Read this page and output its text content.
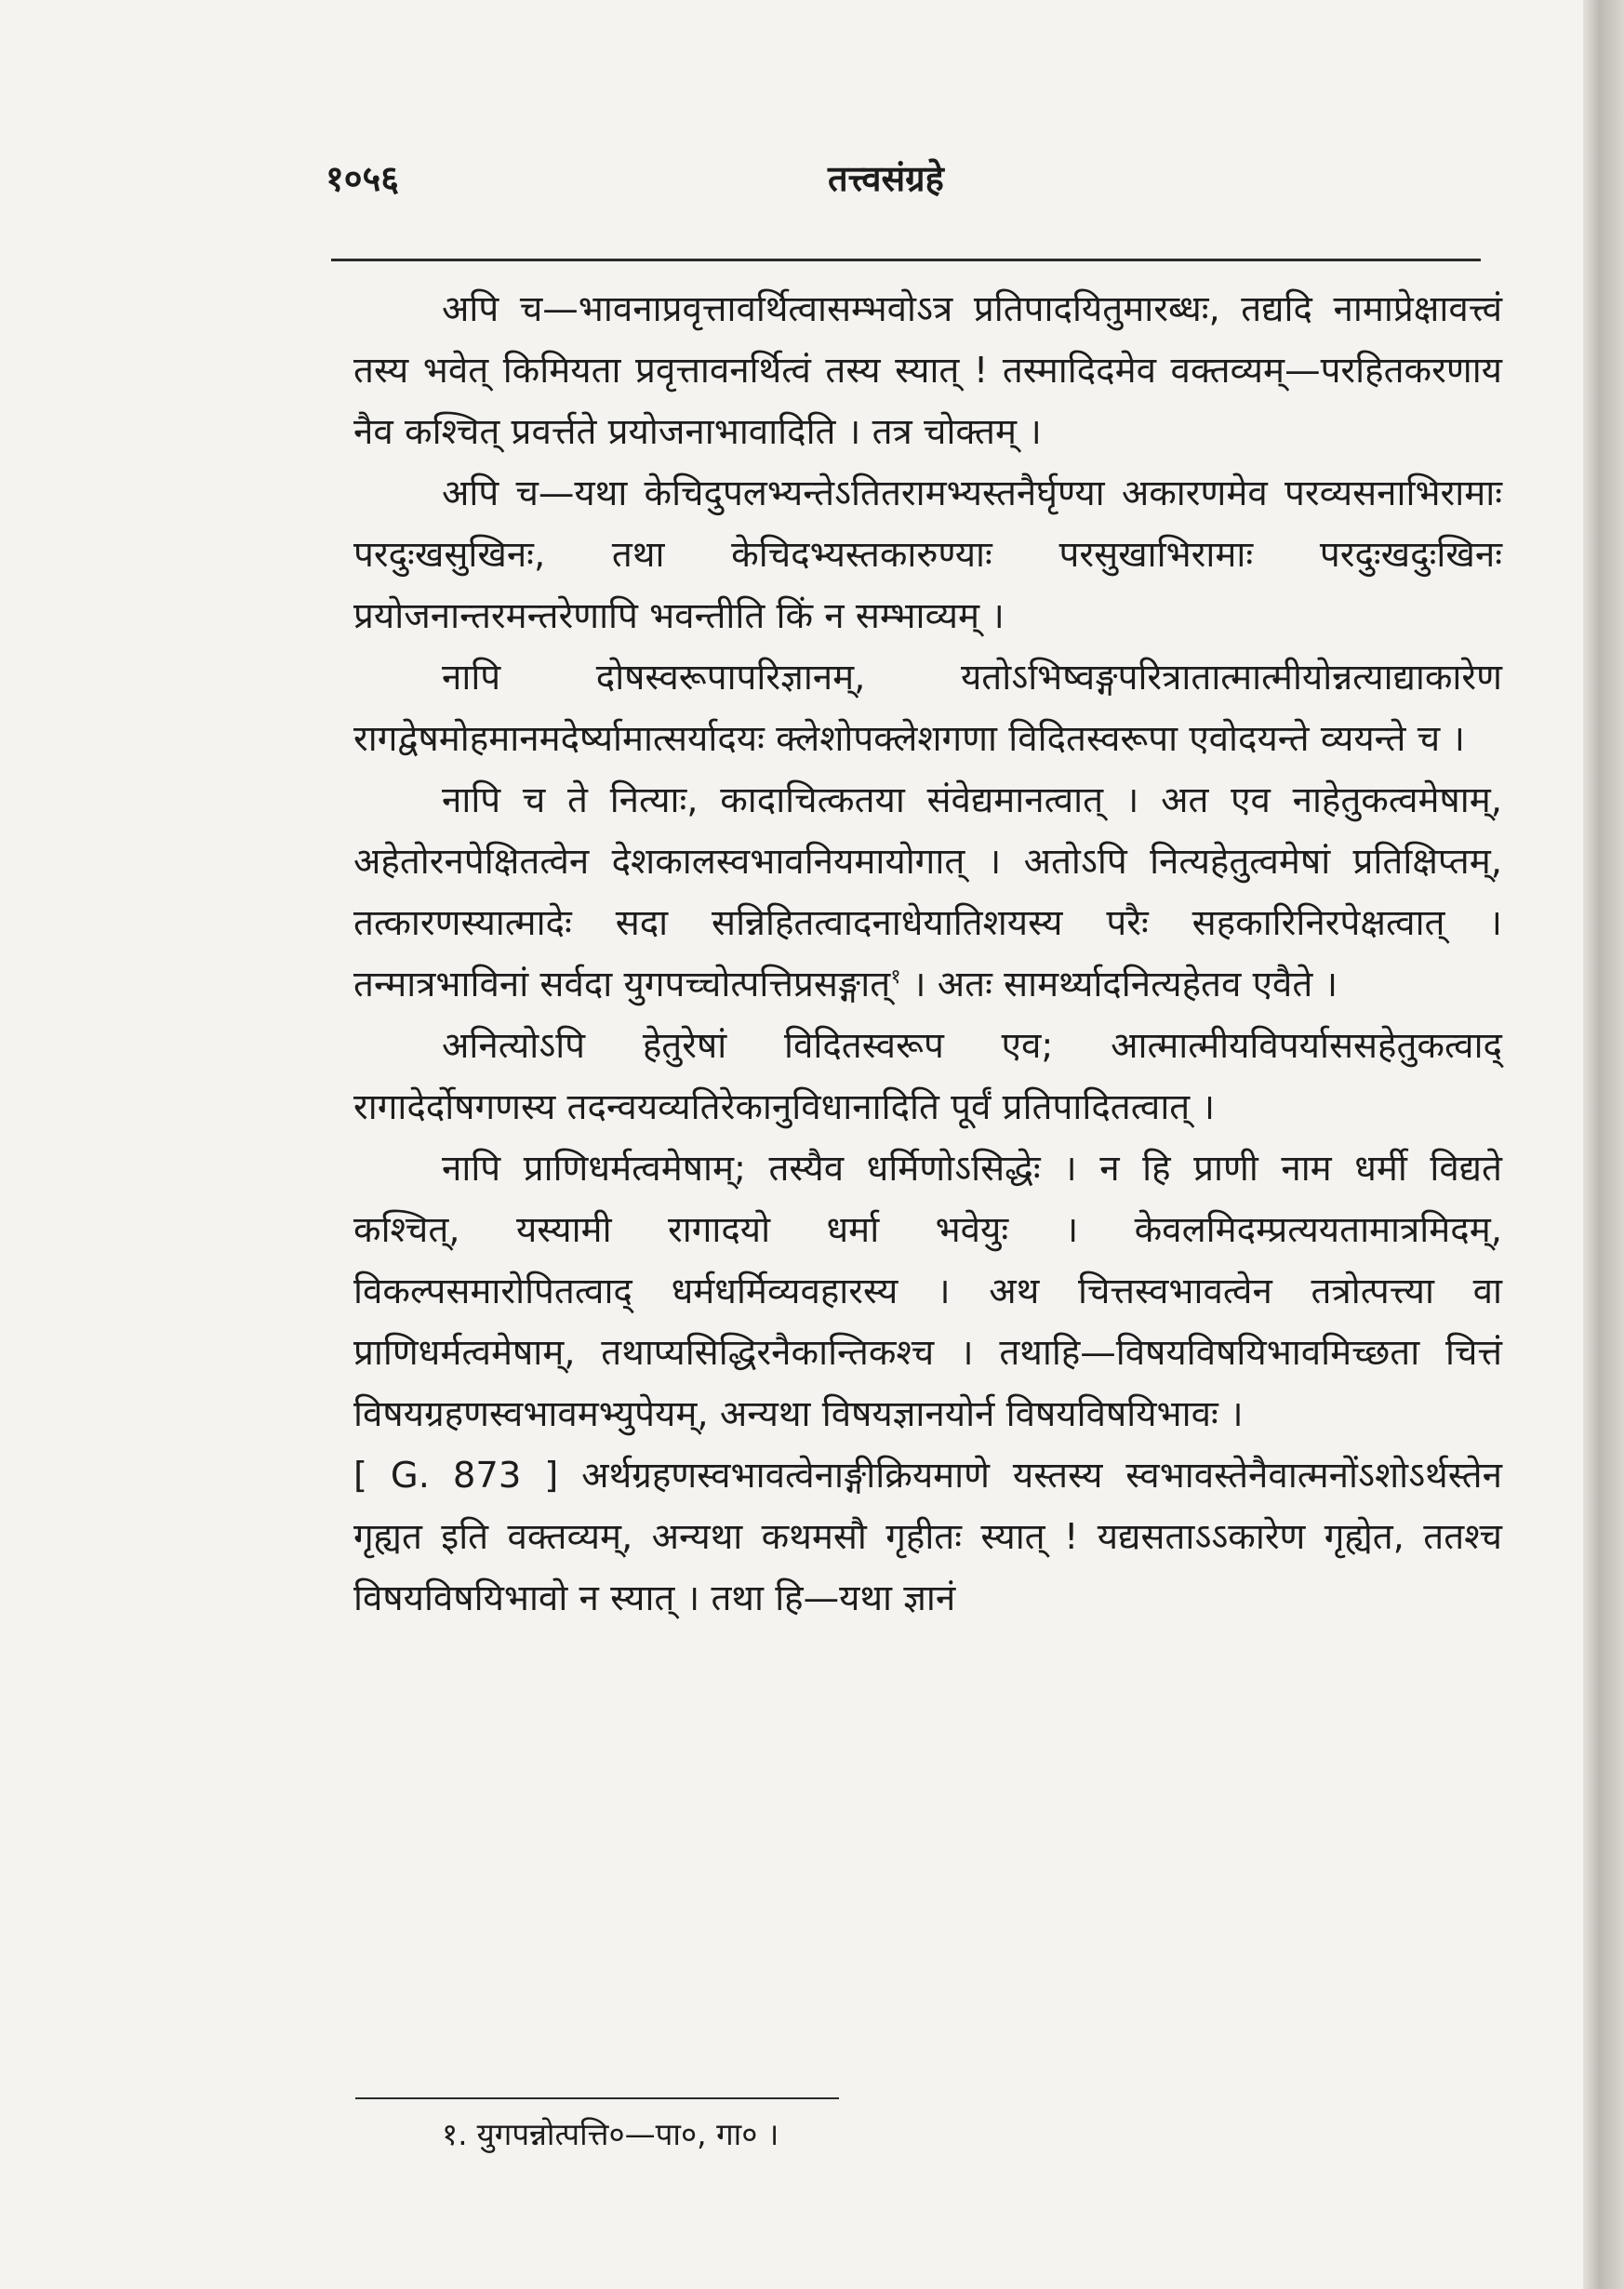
१०५६	तत्त्वसंग्रहे

अपि च—भावनाप्रवृत्तावर्थित्वासम्भवोऽत्र प्रतिपादयितुमारब्धः, तद्यदि नामाप्रेक्षावत्त्वं तस्य भवेत् किमियता प्रवृत्तावनर्थित्वं तस्य स्यात् ! तस्मादिदमेव वक्तव्यम्—परहितकरणाय नैव कश्चित् प्रवर्त्तते प्रयोजनाभावादिति । तत्र चोक्तम् ।

अपि च—यथा केचिदुपलभ्यन्तेऽतितरामभ्यस्तनैर्घृण्या अकारणमेव परव्यसनाभिरामाः परदुःखसुखिनः, तथा केचिदभ्यस्तकारुण्याः परसुखाभिरामाः परदुःखदुःखिनः प्रयोजनान्तरमन्तरेणापि भवन्तीति किं न सम्भाव्यम् ।

नापि दोषस्वरूपापरिज्ञानम्, यतोऽभिष्वङ्गपरित्रातात्मात्मीयोन्नत्याद्याकारेण रागद्वेषमोहमानमदेर्ष्यामात्सर्यादयः क्लेशोपक्लेशगणा विदितस्वरूपा एवोदयन्ते व्ययन्ते च ।

नापि च ते नित्याः, कादाचित्कतया संवेद्यमानत्वात् । अत एव नाहेतुकत्वमेषाम्, अहेतोरनपेक्षितत्वेन देशकालस्वभावनियमायोगात् । अतोऽपि नित्यहेतुत्वमेषां प्रतिक्षिप्तम्, तत्कारणस्यात्मादेः सदा सन्निहितत्वादनाधेयातिशयस्य परैः सहकारिनिरपेक्षत्वात् । तन्मात्रभाविनां सर्वदा युगपच्चोत्पत्तिप्रसङ्गात्$^१$ । अतः सामर्थ्यादनित्यहेतव एवैते ।

अनित्योऽपि हेतुरेषां विदितस्वरूप एव; आत्मात्मीयविपर्याससहेतुकत्वाद् रागादेर्दोषगणस्य तदन्वयव्यतिरेकानुविधानादिति पूर्वं प्रतिपादितत्वात् ।

नापि प्राणिधर्मत्वमेषाम्; तस्यैव धर्मिणोऽसिद्धेः । न हि प्राणी नाम धर्मी विद्यते कश्चित्, यस्यामी रागादयो धर्मा भवेयुः । केवलमिदम्प्रत्ययतामात्रमिदम्, विकल्पसमारोपितत्वाद् धर्मधर्मिव्यवहारस्य । अथ चित्तस्वभावत्वेन तत्रोत्पत्त्या वा प्राणिधर्मत्वमेषाम्, तथाप्यसिद्धिरनैकान्तिकश्च । तथाहि—विषयविषयिभावमिच्छता चित्तं विषयग्रहणस्वभावमभ्युपेयम्, अन्यथा विषयज्ञानयोर्न विषयविषयिभावः ।

[ G. 873 ] अर्थग्रहणस्वभावत्वेनाङ्गीक्रियमाणे यस्तस्य स्वभावस्तेनैवात्मनोंऽशोऽर्थस्तेन गृह्यत इति वक्तव्यम्, अन्यथा कथमसौ गृहीतः स्यात् ! यद्यसताऽऽकारेण गृह्येत, ततश्च विषयविषयिभावो न स्यात् । तथा हि—यथा ज्ञानं

१. युगपन्नोत्पत्ति०—पा०, गा० ।
